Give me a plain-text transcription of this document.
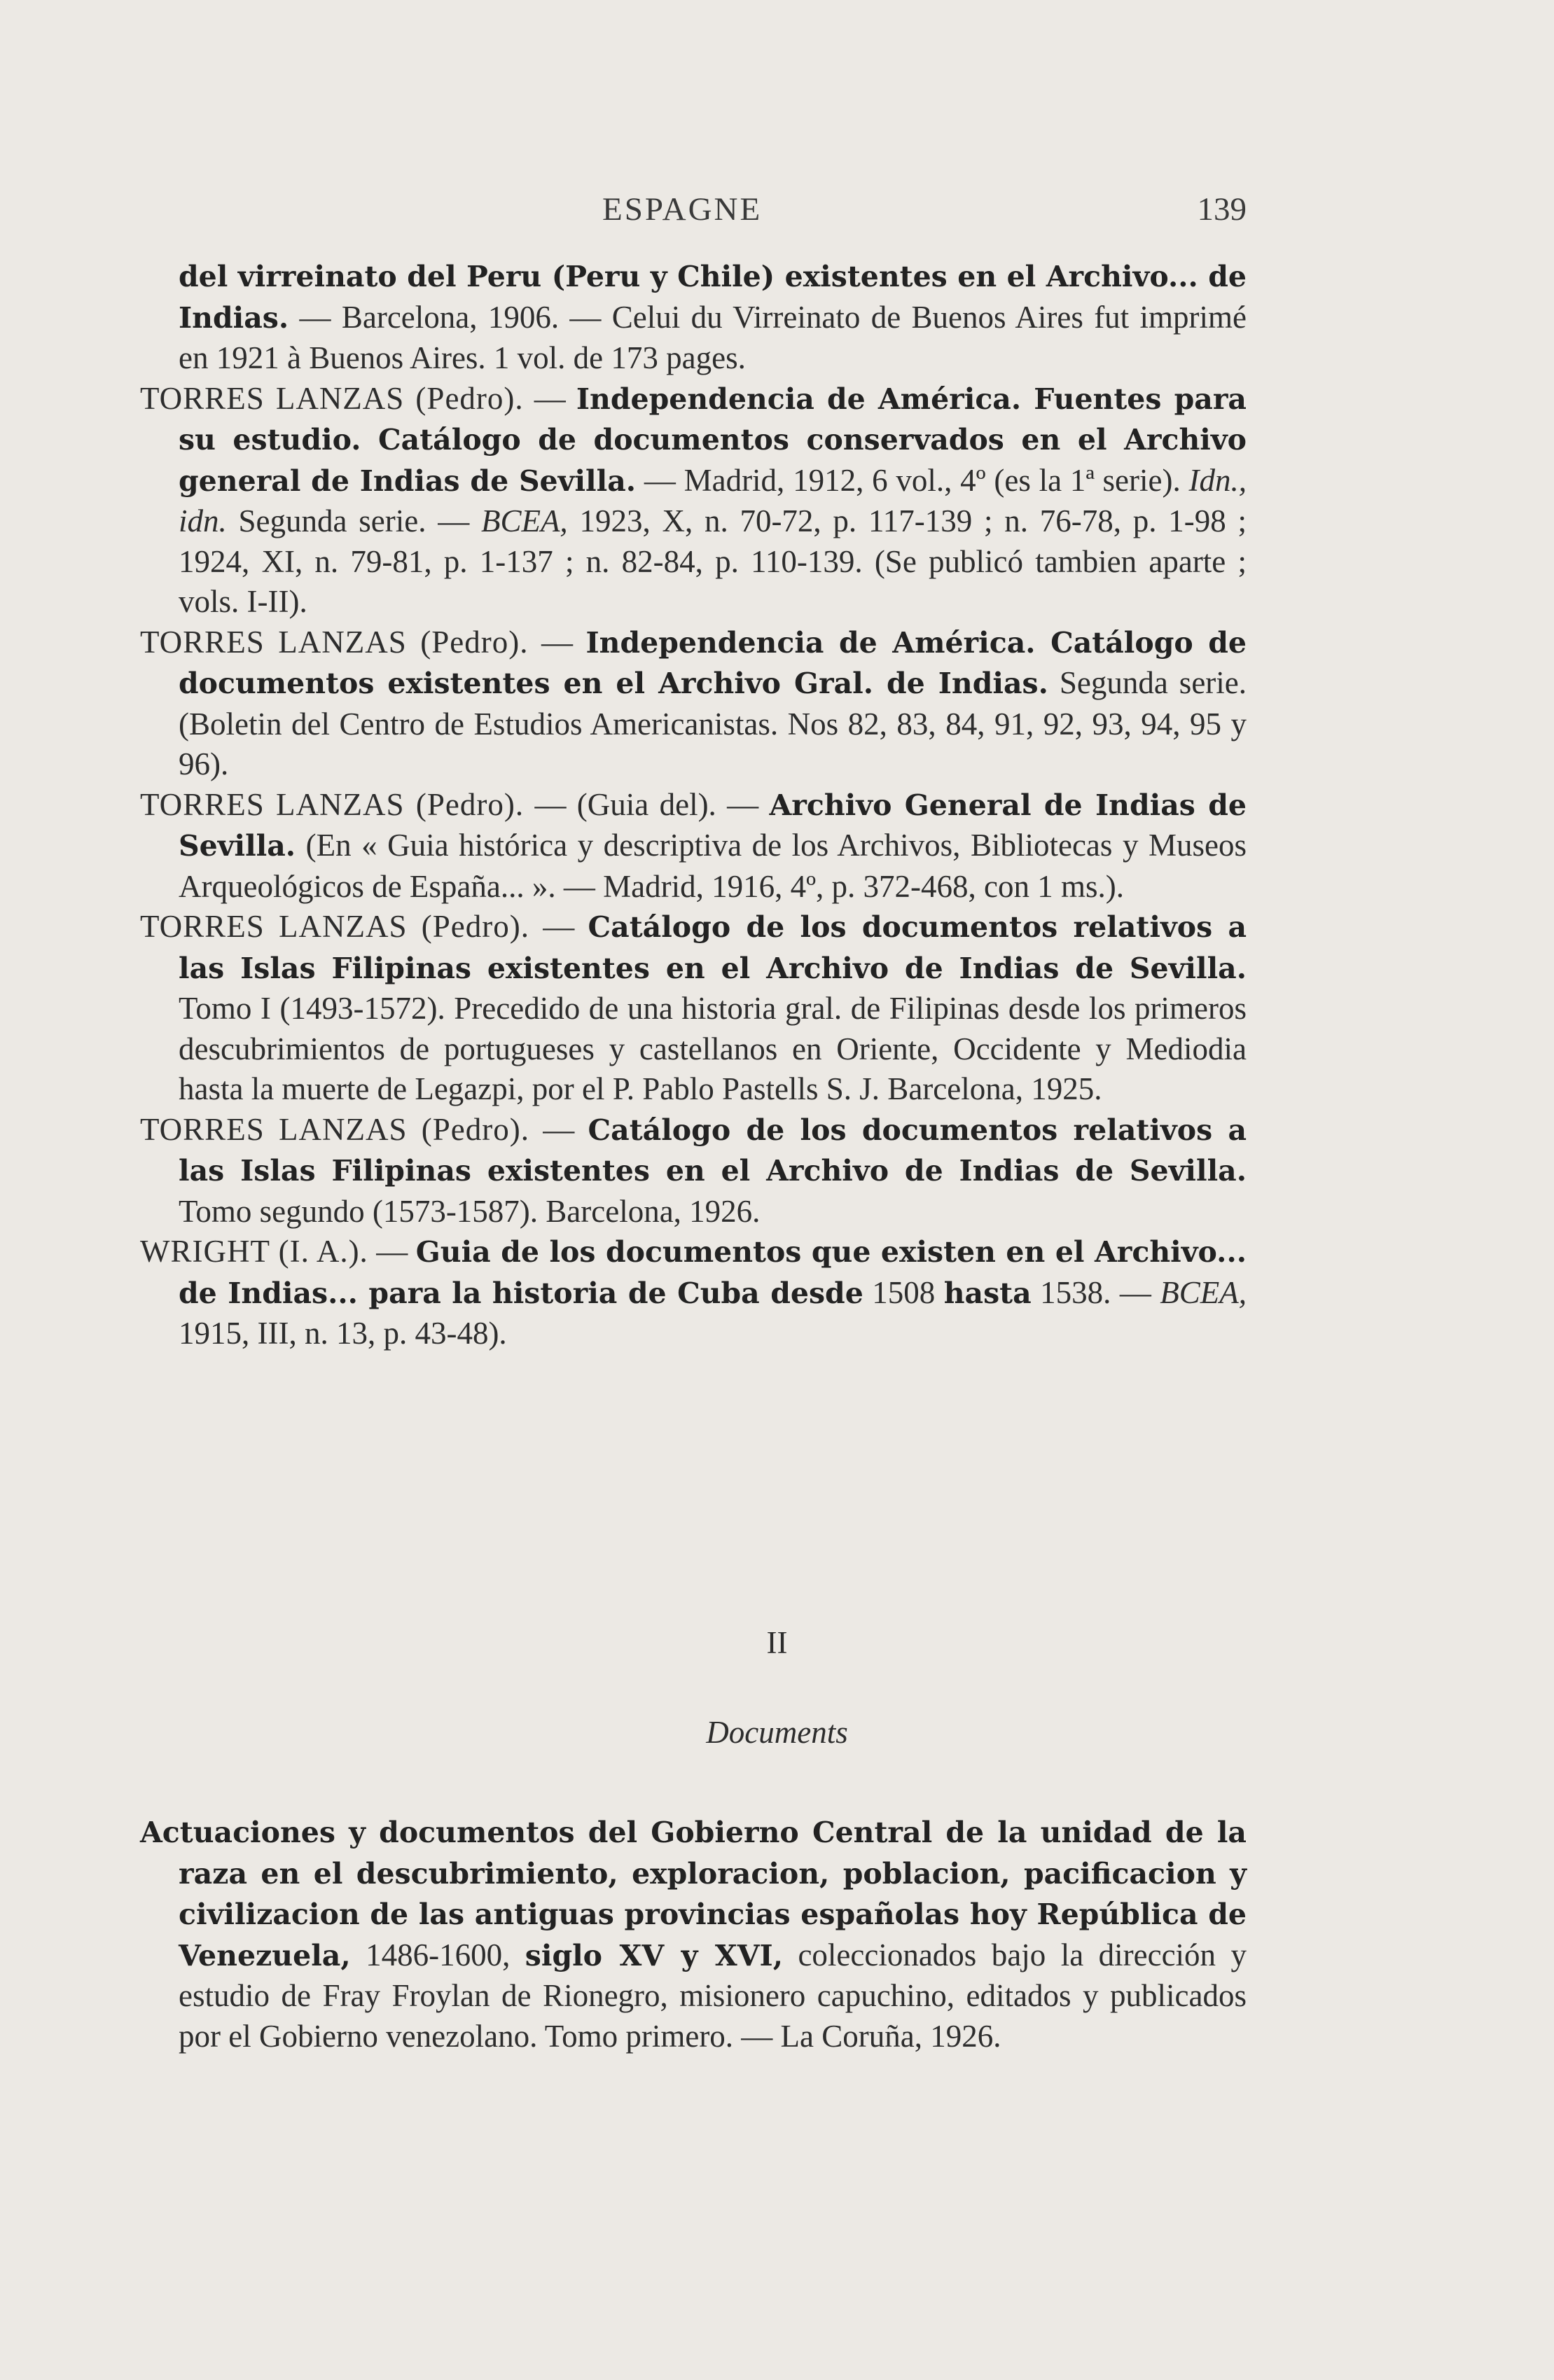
ESPAGNE	139

del virreinato del Peru (Peru y Chile) existentes en el Archivo... de Indias. — Barcelona, 1906. — Celui du Virreinato de Buenos Aires fut imprimé en 1921 à Buenos Aires. 1 vol. de 173 pages.

TORRES LANZAS (Pedro). — Independencia de América. Fuentes para su estudio. Catálogo de documentos conservados en el Archivo general de Indias de Sevilla. — Madrid, 1912, 6 vol., 4º (es la 1ª serie). Idn., idn. Segunda serie. — BCEA, 1923, X, n. 70-72, p. 117-139 ; n. 76-78, p. 1-98 ; 1924, XI, n. 79-81, p. 1-137 ; n. 82-84, p. 110-139. (Se publicó tambien aparte ; vols. I-II).

TORRES LANZAS (Pedro). — Independencia de América. Catálogo de documentos existentes en el Archivo Gral. de Indias. Segunda serie. (Boletin del Centro de Estudios Americanistas. Nos 82, 83, 84, 91, 92, 93, 94, 95 y 96).

TORRES LANZAS (Pedro). — (Guia del). — Archivo General de Indias de Sevilla. (En « Guia histórica y descriptiva de los Archivos, Bibliotecas y Museos Arqueológicos de España... ». — Madrid, 1916, 4º, p. 372-468, con 1 ms.).

TORRES LANZAS (Pedro). — Catálogo de los documentos relativos a las Islas Filipinas existentes en el Archivo de Indias de Sevilla. Tomo I (1493-1572). Precedido de una historia gral. de Filipinas desde los primeros descubrimientos de portugueses y castellanos en Oriente, Occidente y Mediodia hasta la muerte de Legazpi, por el P. Pablo Pastells S. J. Barcelona, 1925.

TORRES LANZAS (Pedro). — Catálogo de los documentos relativos a las Islas Filipinas existentes en el Archivo de Indias de Sevilla. Tomo segundo (1573-1587). Barcelona, 1926.

WRIGHT (I. A.). — Guia de los documentos que existen en el Archivo... de Indias... para la historia de Cuba desde 1508 hasta 1538. — BCEA, 1915, III, n. 13, p. 43-48).

II
Documents

Actuaciones y documentos del Gobierno Central de la unidad de la raza en el descubrimiento, exploracion, poblacion, pacificacion y civilizacion de las antiguas provincias españolas hoy República de Venezuela, 1486-1600, siglo XV y XVI, coleccionados bajo la dirección y estudio de Fray Froylan de Rionegro, misionero capuchino, editados y publicados por el Gobierno venezolano. Tomo primero. — La Coruña, 1926.
